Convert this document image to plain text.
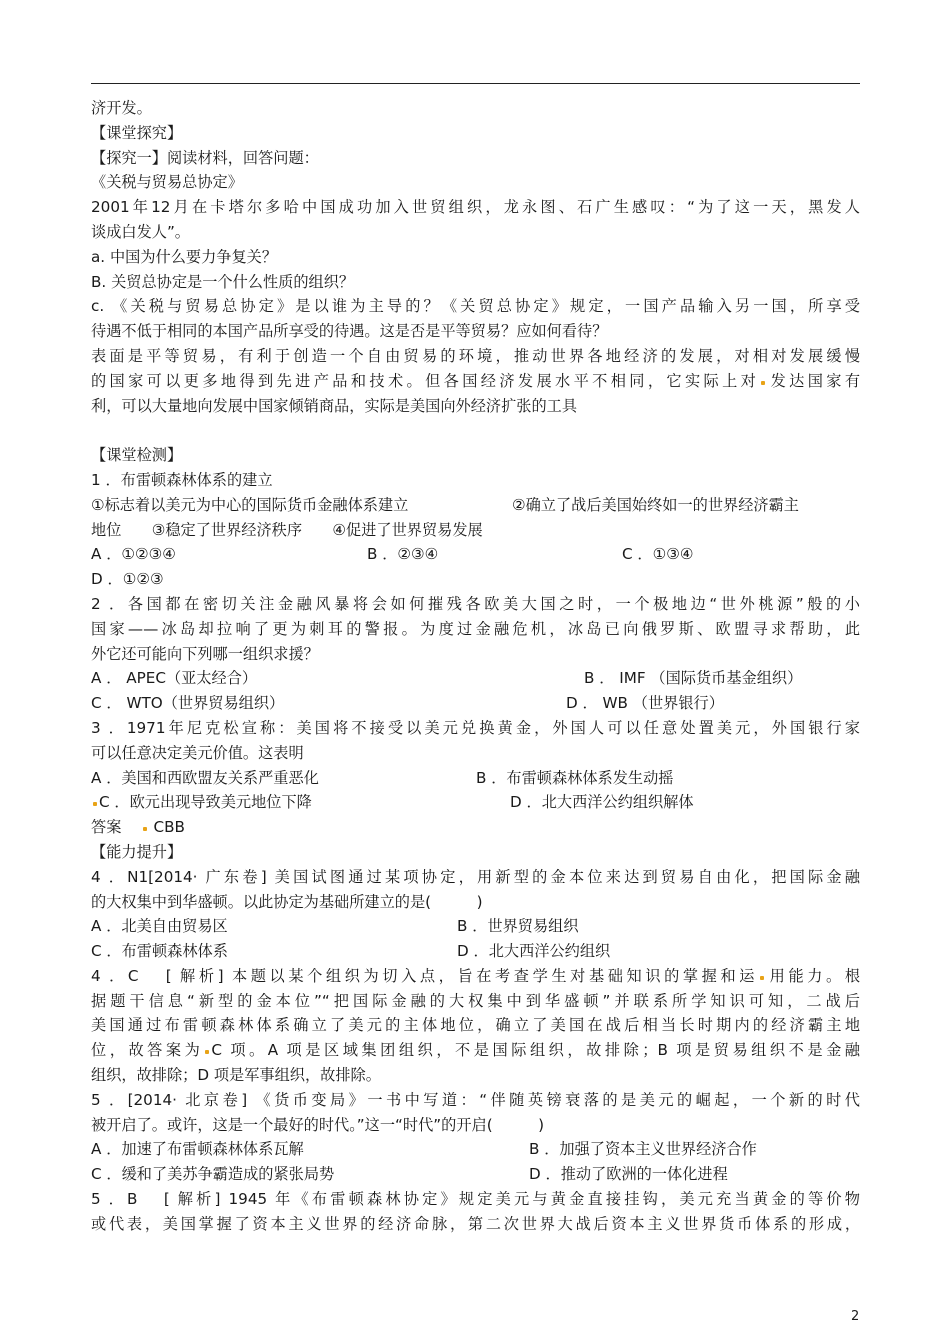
济开发。
【课堂探究】
【探究一】阅读材料，回答问题：
《关税与贸易总协定》
2001年12月在卡塔尔多哈中国成功加入世贸组织，龙永图、石广生感叹：“为了这一天，黑发人
谈成白发人”。
a. 中国为什么要力争复关？
B. 关贸总协定是一个什么性质的组织？
c. 《关税与贸易总协定》是以谁为主导的？《关贸总协定》规定，一国产品输入另一国，所享受
待遇不低于相同的本国产品所享受的待遇。这是否是平等贸易？应如何看待？
表面是平等贸易，有利于创造一个自由贸易的环境，推动世界各地经济的发展，对相对发展缓慢
的国家可以更多地得到先进产品和技术。但各国经济发展水平不相同，它实际上对 发达国家有
利，可以大量地向发展中国家倾销商品，实际是美国向外经济扩张的工具
【课堂检测】
1 ．布雷顿森林体系的建立
①标志着以美元为中心的国际货币金融体系建立	②确立了战后美国始终如一的世界经济霸主
地位　　③稳定了世界经济秩序　　④促进了世界贸易发展
A ．①②③④	B ．②③④	C ．①③④
D ．①②③
2 ．各国都在密切关注金融风暴将会如何摧残各欧美大国之时，一个极地边“世外桃源”般的小
国家——冰岛却拉响了更为刺耳的警报。为度过金融危机，冰岛已向俄罗斯、欧盟寻求帮助，此
外它还可能向下列哪一组织求援？
A ． APEC（亚太经合）	B ． IMF （国际货币基金组织）
C ． WTO（世界贸易组织）	D ． WB （世界银行）
3 ．1971年尼克松宣称：美国将不接受以美元兑换黄金，外国人可以任意处置美元，外国银行家
可以任意决定美元价值。这表明
A ．美国和西欧盟友关系严重恶化	B ．布雷顿森林体系发生动摇
C ．欧元出现导致美元地位下降	D ．北大西洋公约组织解体
答案 CBB
【能力提升】
4 ．N1[2014· 广东卷] 美国试图通过某项协定，用新型的金本位来达到贸易自由化，把国际金融
的大权集中到华盛顿。以此协定为基础所建立的是(　　　)
A ．北美自由贸易区	B ．世界贸易组织
C ．布雷顿森林体系	D ．北大西洋公约组织
4 ．C 　[ 解析] 本题以某个组织为切入点，旨在考查学生对基础知识的掌握和运 用能力。根
据题干信息“新型的金本位”“把国际金融的大权集中到华盛顿”并联系所学知识可知，二战后
美国通过布雷顿森林体系确立了美元的主体地位，确立了美国在战后相当长时期内的经济霸主地
位，故答案为 C 项。A 项是区域集团组织，不是国际组织，故排除；B 项是贸易组织不是金融
组织，故排除；D 项是军事组织，故排除。
5 ．[2014· 北京卷] 《货币变局》一书中写道：“伴随英镑衰落的是美元的崛起，一个新的时代
被开启了。或许，这是一个最好的时代。”这一“时代”的开启(　　　)
A ．加速了布雷顿森林体系瓦解	B ．加强了资本主义世界经济合作
C ．缓和了美苏争霸造成的紧张局势	D ．推动了欧洲的一体化进程
5 ．B 　[ 解析] 1945 年《布雷顿森林协定》规定美元与黄金直接挂钩，美元充当黄金的等价物
或代表，美国掌握了资本主义世界的经济命脉，第二次世界大战后资本主义世界货币体系的形成，
2
